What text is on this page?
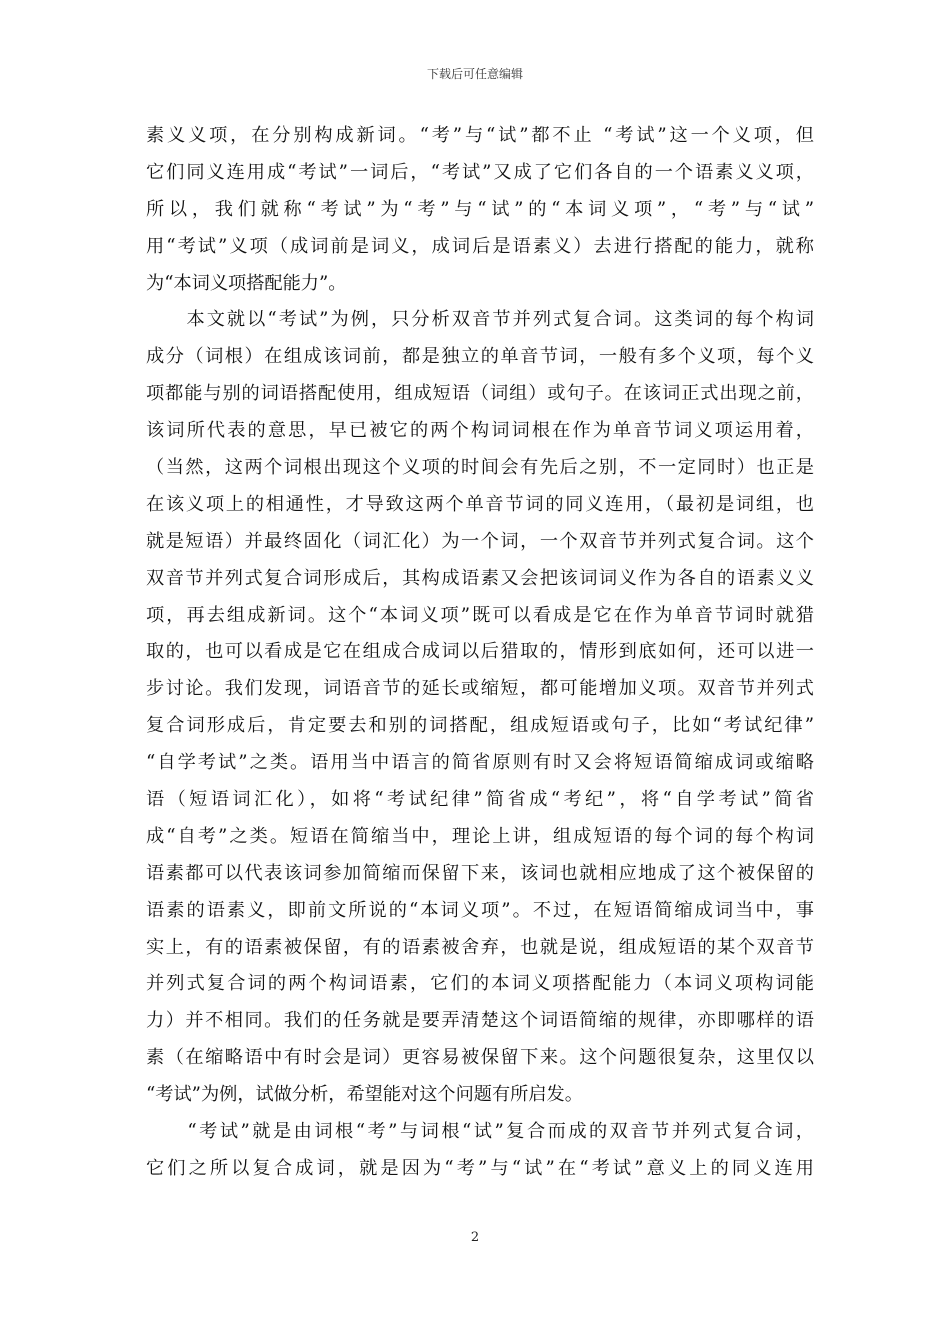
下载后可任意编辑
素义义项，在分别构成新词。“考”与“试”都不止 “考试”这一个义项，但
它们同义连用成“考试”一词后，“考试”又成了它们各自的一个语素义义项，
所以，我们就称“考试”为“考”与“试”的“本词义项”，“考”与“试”
用“考试”义项（成词前是词义，成词后是语素义）去进行搭配的能力，就称
为“本词义项搭配能力”。
　　本文就以“考试”为例，只分析双音节并列式复合词。这类词的每个构词
成分（词根）在组成该词前，都是独立的单音节词，一般有多个义项，每个义
项都能与别的词语搭配使用，组成短语（词组）或句子。在该词正式出现之前，
该词所代表的意思，早已被它的两个构词词根在作为单音节词义项运用着，
（当然，这两个词根出现这个义项的时间会有先后之别，不一定同时）也正是
在该义项上的相通性，才导致这两个单音节词的同义连用，（最初是词组，也
就是短语）并最终固化（词汇化）为一个词，一个双音节并列式复合词。这个
双音节并列式复合词形成后，其构成语素又会把该词词义作为各自的语素义义
项，再去组成新词。这个“本词义项”既可以看成是它在作为单音节词时就猎
取的，也可以看成是它在组成合成词以后猎取的，情形到底如何，还可以进一
步讨论。我们发现，词语音节的延长或缩短，都可能增加义项。双音节并列式
复合词形成后，肯定要去和别的词搭配，组成短语或句子，比如“考试纪律”
“自学考试”之类。语用当中语言的简省原则有时又会将短语简缩成词或缩略
语（短语词汇化），如将“考试纪律”简省成“考纪”，将“自学考试”简省
成“自考”之类。短语在简缩当中，理论上讲，组成短语的每个词的每个构词
语素都可以代表该词参加简缩而保留下来，该词也就相应地成了这个被保留的
语素的语素义，即前文所说的“本词义项”。不过，在短语简缩成词当中，事
实上，有的语素被保留，有的语素被舍弃，也就是说，组成短语的某个双音节
并列式复合词的两个构词语素，它们的本词义项搭配能力（本词义项构词能
力）并不相同。我们的任务就是要弄清楚这个词语简缩的规律，亦即哪样的语
素（在缩略语中有时会是词）更容易被保留下来。这个问题很复杂，这里仅以
“考试”为例，试做分析，希望能对这个问题有所启发。
　　“考试”就是由词根“考”与词根“试”复合而成的双音节并列式复合词，
它们之所以复合成词，就是因为“考”与“试”在“考试”意义上的同义连用
2
